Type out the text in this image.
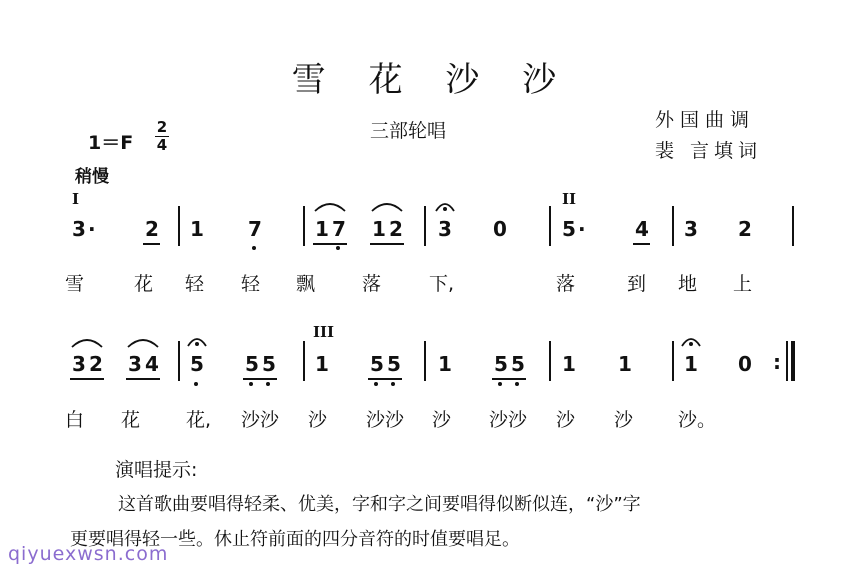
雪 花 沙 沙
三部轮唱	外国曲调
裴 言填词
1＝F
2
4
稍慢
I	II
3 · 2 1 7	1 7 1 2 3 0	5 · 4 3 2
雪	花 轻 轻 飘 落	下,	落	到 地 上
III
3 2 3 4 5 5 5 1 5 5 1 5 5 1 1	1 0 :
白 花 花, 沙沙 沙 沙沙 沙 沙沙 沙 沙 沙。
演唱提示:
这首歌曲要唱得轻柔、优美，字和字之间要唱得似断似连，“沙”字
更要唱得轻一些。休止符前面的四分音符的时值要唱足。
qiyuexwsn.com
